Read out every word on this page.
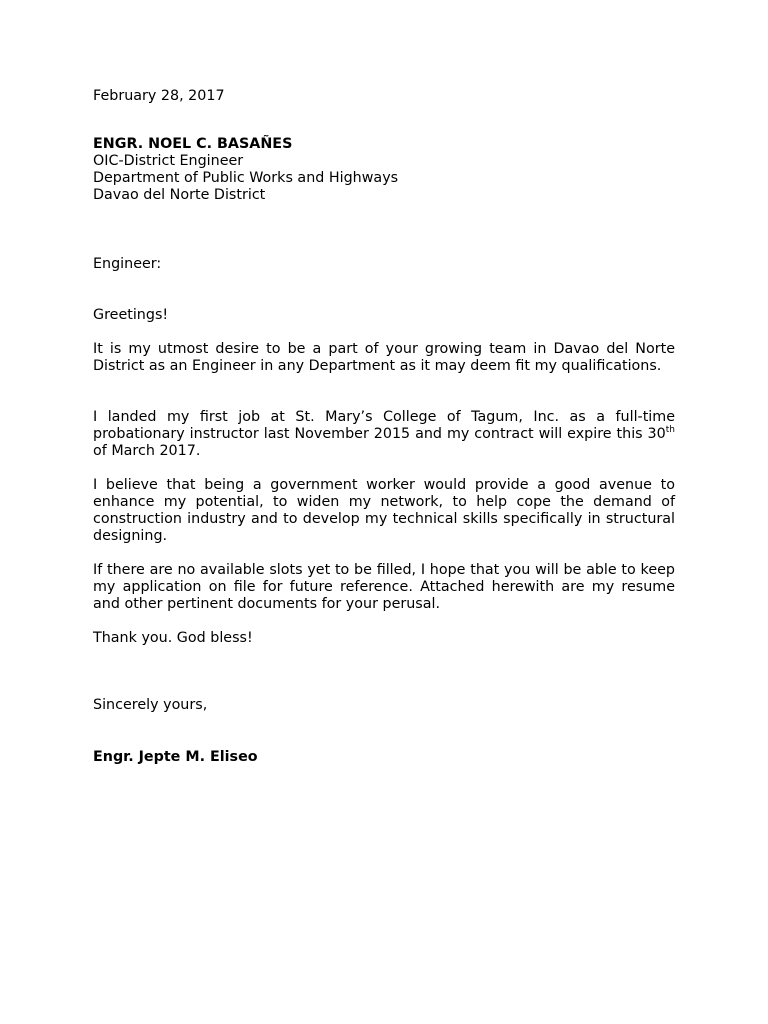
February 28, 2017
ENGR. NOEL C. BASAÑES
OIC-District Engineer
Department of Public Works and Highways
Davao del Norte District
Engineer:
Greetings!
It is my utmost desire to be a part of your growing team in Davao del Norte District as an Engineer in any Department as it may deem fit my qualifications.
I landed my first job at St. Mary’s College of Tagum, Inc. as a full-time probationary instructor last November 2015 and my contract will expire this 30th of March 2017.
I believe that being a government worker would provide a good avenue to enhance my potential, to widen my network, to help cope the demand of construction industry and to develop my technical skills specifically in structural designing.
If there are no available slots yet to be filled, I hope that you will be able to keep my application on file for future reference. Attached herewith are my resume and other pertinent documents for your perusal.
Thank you. God bless!
Sincerely yours,
Engr. Jepte M. Eliseo
